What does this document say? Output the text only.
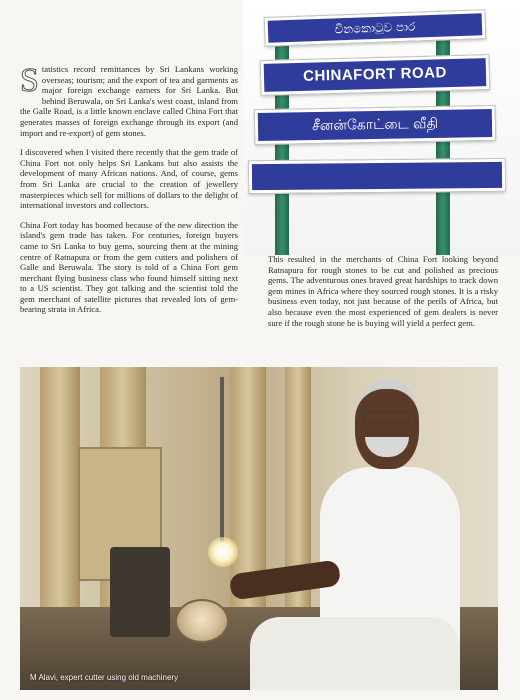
චීනකොටුව පාර
CHINAFORT ROAD
சீனன்கோட்டை வீதி

Statistics record remittances by Sri Lankans working overseas; tourism; and the export of tea and garments as major foreign exchange earners for Sri Lanka. But behind Beruwala, on Sri Lanka's west coast, inland from the Galle Road, is a little known enclave called China Fort that generates masses of foreign exchange through its export (and import and re-export) of gem stones.

I discovered when I visited there recently that the gem trade of China Fort not only helps Sri Lankans but also assists the development of many African nations. And, of course, gems from Sri Lanka are crucial to the creation of jewellery masterpieces which sell for millions of dollars to the delight of international investors and collectors.

China Fort today has boomed because of the new direction the island's gem trade has taken. For centuries, foreign buyers came to Sri Lanka to buy gems, sourcing them at the mining centre of Ratnapura or from the gem cutters and polishers of Galle and Beruwala. The story is told of a China Fort gem merchant flying business class who found himself sitting next to a US scientist. They got talking and the scientist told the gem merchant of satellite pictures that revealed lots of gem-bearing strata in Africa.

This resulted in the merchants of China Fort looking beyond Ratnapura for rough stones to be cut and polished as precious gems. The adventurous ones braved great hardships to track down gem mines in Africa where they sourced rough stones. It is a risky business even today, not just because of the perils of Africa, but also because even the most experienced of gem dealers is never sure if the rough stone he is buying will yield a perfect gem.

M Alavi, expert cutter using old machinery
